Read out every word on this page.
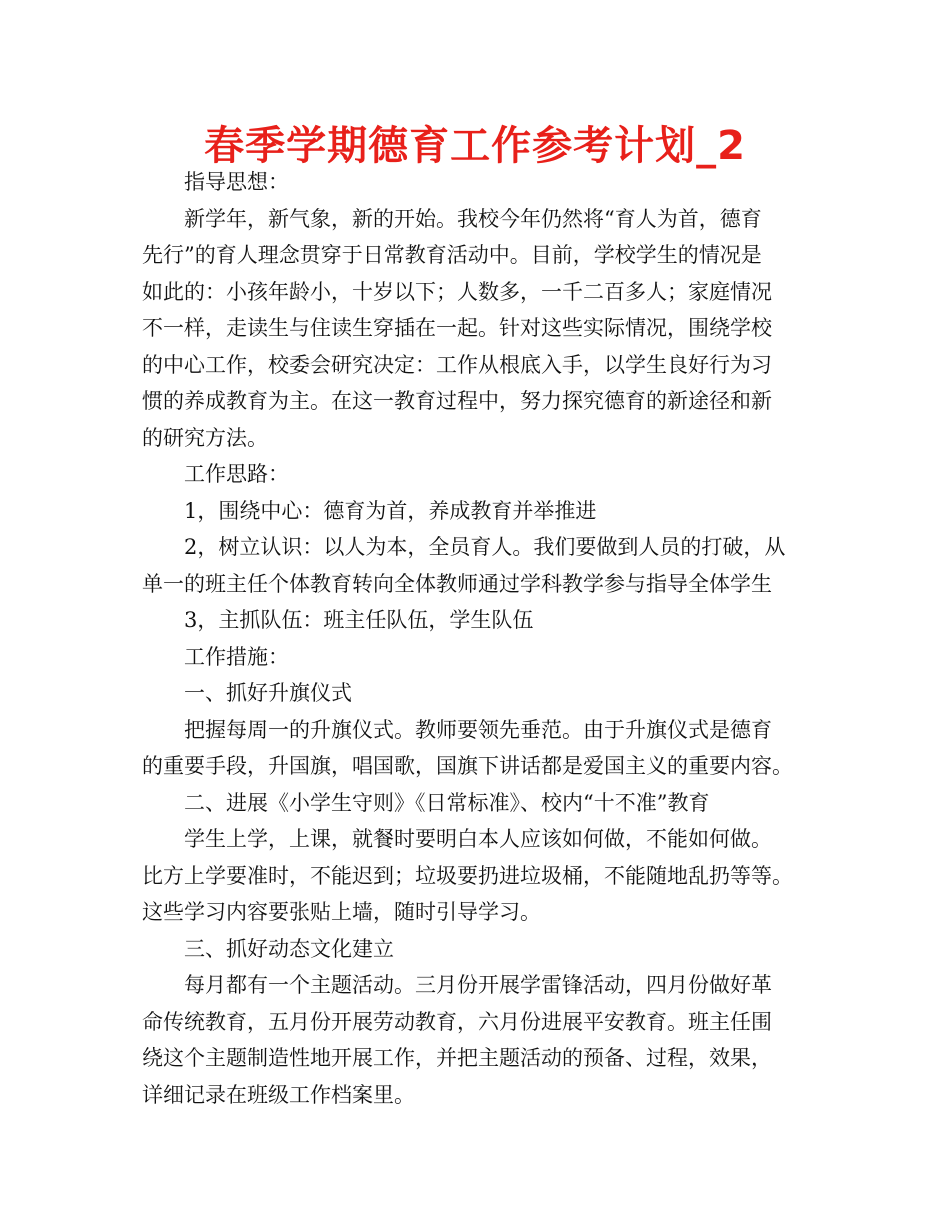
春季学期德育工作参考计划_2

指导思想：

新学年，新气象，新的开始。我校今年仍然将“育人为首，德育
先行”的育人理念贯穿于日常教育活动中。目前，学校学生的情况是
如此的：小孩年龄小，十岁以下；人数多，一千二百多人；家庭情况
不一样，走读生与住读生穿插在一起。针对这些实际情况，围绕学校
的中心工作，校委会研究决定：工作从根底入手，以学生良好行为习
惯的养成教育为主。在这一教育过程中，努力探究德育的新途径和新
的研究方法。

工作思路：

1，围绕中心：德育为首，养成教育并举推进

2，树立认识：以人为本，全员育人。我们要做到人员的打破，从
单一的班主任个体教育转向全体教师通过学科教学参与指导全体学生

3，主抓队伍：班主任队伍，学生队伍

工作措施：

一、抓好升旗仪式

把握每周一的升旗仪式。教师要领先垂范。由于升旗仪式是德育
的重要手段，升国旗，唱国歌，国旗下讲话都是爱国主义的重要内容。

二、进展《小学生守则》《日常标准》、校内“十不准”教育

学生上学，上课，就餐时要明白本人应该如何做，不能如何做。
比方上学要准时，不能迟到；垃圾要扔进垃圾桶，不能随地乱扔等等。
这些学习内容要张贴上墙，随时引导学习。

三、抓好动态文化建立

每月都有一个主题活动。三月份开展学雷锋活动，四月份做好革
命传统教育，五月份开展劳动教育，六月份进展平安教育。班主任围
绕这个主题制造性地开展工作，并把主题活动的预备、过程，效果，
详细记录在班级工作档案里。
